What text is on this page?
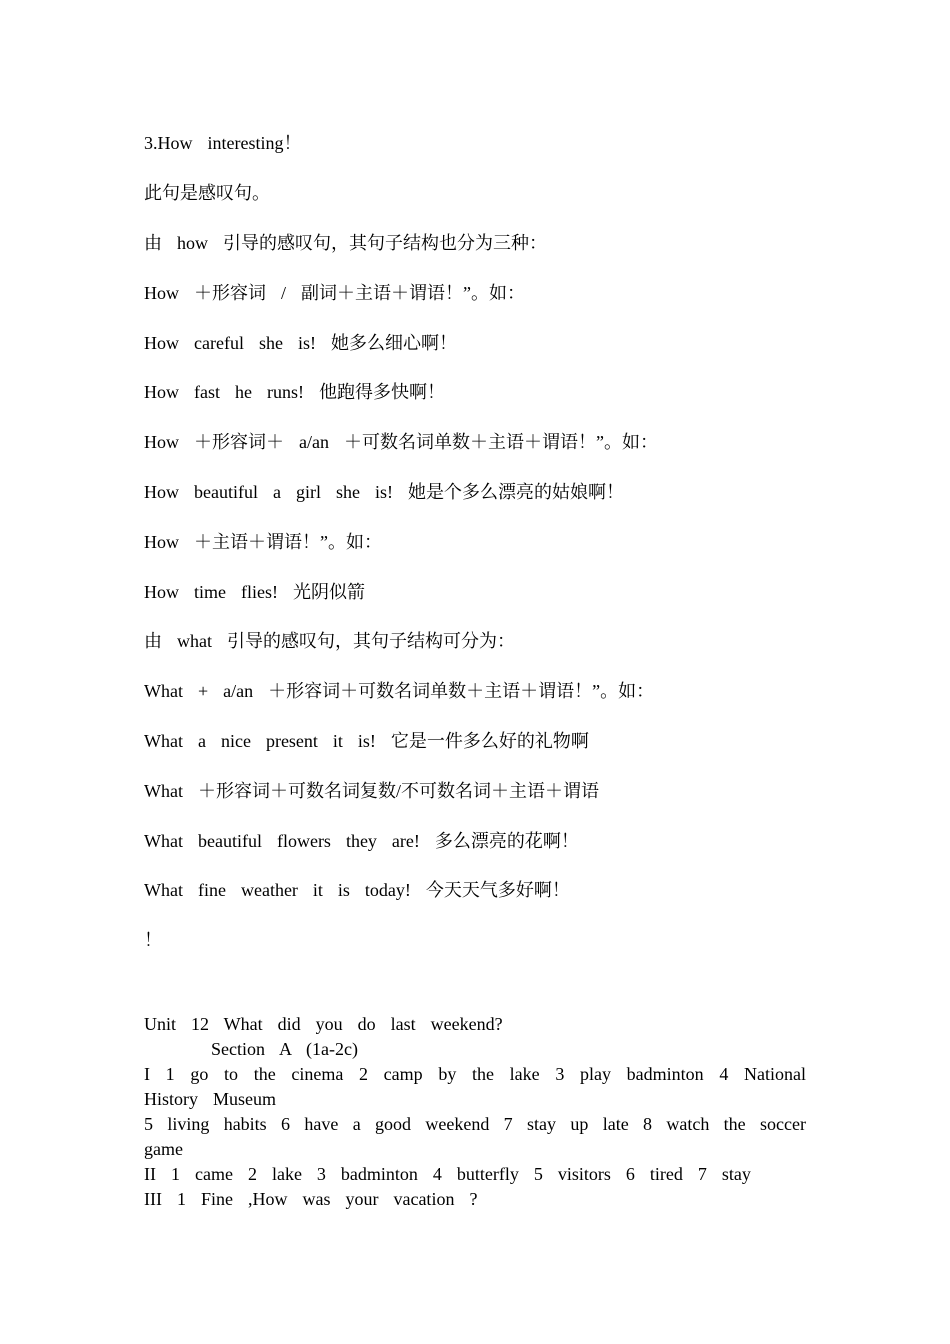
3.How  interesting！
此句是感叹句。
由  how  引导的感叹句，其句子结构也分为三种：
How  ＋形容词  /  副词＋主语＋谓语！”。如：
How  careful  she  is!  她多么细心啊！
How  fast  he  runs!  他跑得多快啊！
How  ＋形容词＋  a/an  ＋可数名词单数＋主语＋谓语！”。如：
How  beautiful  a  girl  she  is!  她是个多么漂亮的姑娘啊！
How  ＋主语＋谓语！”。如：
How  time  flies!  光阴似箭
由  what  引导的感叹句，其句子结构可分为：
What  +  a/an  ＋形容词＋可数名词单数＋主语＋谓语！”。如：
What  a  nice  present  it  is!  它是一件多么好的礼物啊
What  ＋形容词＋可数名词复数/不可数名词＋主语＋谓语
What  beautiful  flowers  they  are!  多么漂亮的花啊！
What  fine  weather  it  is  today!  今天天气多好啊！
！
Unit  12  What  did  you  do  last  weekend?
Section  A  (1a-2c)
I 1 go to the cinema 2 camp by the lake 3 play badminton 4 National
History  Museum
5 living habits 6 have a good weekend 7 stay up late 8 watch the soccer
game
II  1  came  2  lake  3  badminton  4  butterfly  5  visitors  6  tired  7  stay
III  1  Fine  ,How  was  your  vacation  ?
